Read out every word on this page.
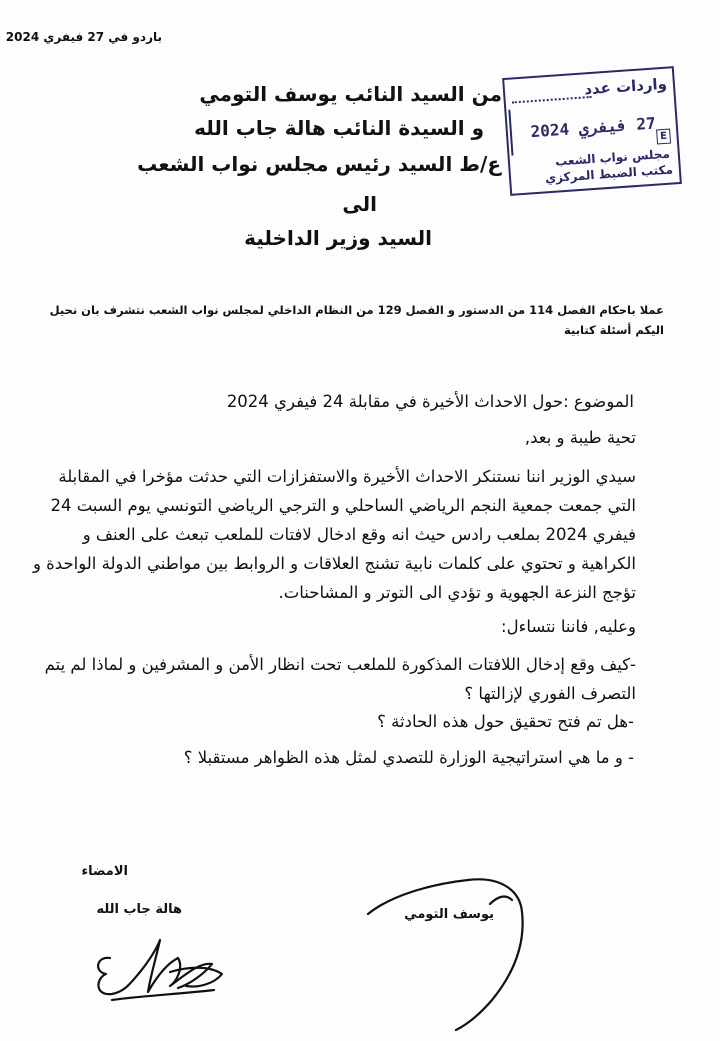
باردو في 27 فيفري 2024
من السيد النائب يوسف التومي
و السيدة النائب هالة جاب الله
ع/ط السيد رئيس مجلس نواب الشعب
الى
السيد وزير الداخلية
واردات عدد
27 فيفري 2024
E
مجلس نواب الشعب
مكتب الضبط المركزي
عملا باحكام الفصل 114 من الدستور و الفصل 129 من النظام الداخلي لمجلس نواب الشعب نتشرف بان نحيل اليكم أسئلة كتابية
الموضوع :حول الاحداث الأخيرة في مقابلة 24 فيفري 2024
تحية طيبة و بعد,
سيدي الوزير اننا نستنكر الاحداث الأخيرة والاستفزازات التي حدثت مؤخرا في المقابلة التي جمعت جمعية النجم الرياضي الساحلي و الترجي الرياضي التونسي يوم السبت 24 فيفري 2024 بملعب رادس حيث انه وقع ادخال لافتات للملعب تبعث على العنف و الكراهية و تحتوي على كلمات نابية تشنج العلاقات و الروابط بين مواطني الدولة الواحدة و تؤجج النزعة الجهوية و تؤدي الى التوتر و المشاحنات.
وعليه, فاننا نتساءل:
-كيف وقع إدخال اللافتات المذكورة للملعب تحت انظار الأمن و المشرفين و لماذا لم يتم التصرف الفوري لإزالتها ؟
-هل تم فتح تحقيق حول هذه الحادثة ؟
- و ما هي استراتيجية الوزارة للتصدي لمثل هذه الظواهر مستقبلا ؟
الامضاء
هالة جاب الله	يوسف التومي
